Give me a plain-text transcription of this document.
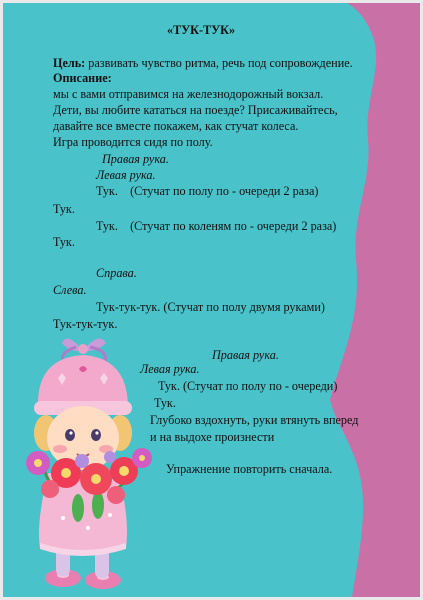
«ТУК-ТУК»

Цель: развивать чувство ритма, речь под сопровождение.

Описание:

мы с вами отправимся на железнодорожный вокзал.

Дети, вы любите кататься на поезде? Присаживайтесь,

давайте все вместе покажем, как стучат колеса.

Игра проводится сидя по полу.

Правая рука.

Левая рука.

Тук.    (Стучат по полу по - очереди 2 раза)

Тук.

Тук.    (Стучат по коленям по - очереди 2 раза)

Тук.

Справа.

Слева.

Тук-тук-тук. (Стучат по полу двумя руками)

Тук-тук-тук.

Правая рука.

Левая рука.

Тук. (Стучат по полу по - очереди)

Тук.

Глубоко вздохнуть, руки втянуть вперед

и на выдохе произнести

Упражнение повторить сначала.
